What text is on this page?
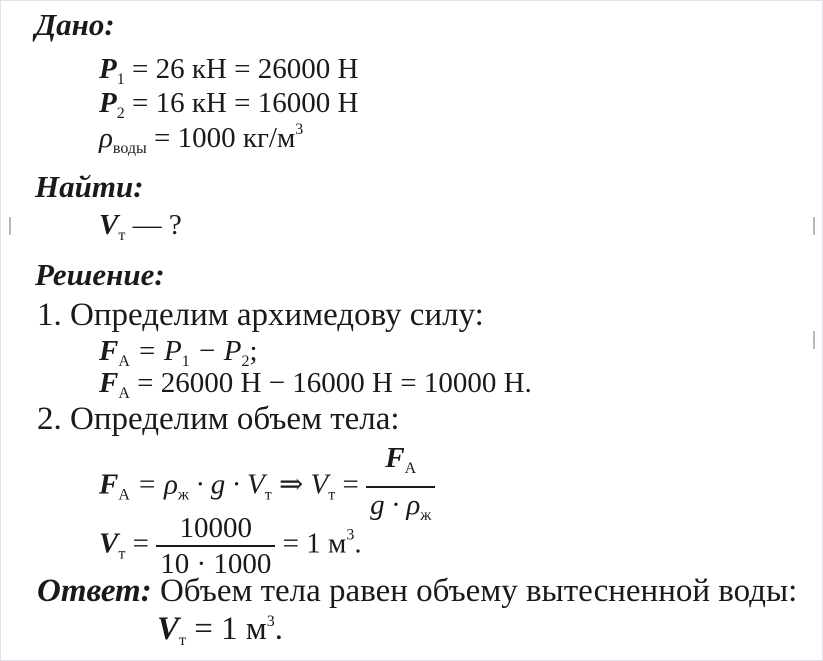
Дано:
$P_1 = 26$ кН = 26000 Н
$P_2 = 16$ кН = 16000 Н
$\rho_{воды} = 1000$ $кг/м^3$
Найти:
$V_т$ — ?
Решение:
1. Определим архимедову силу:
$F_A = P_1 - P_2$;
$F_A = 26000$ Н − 16000 Н = 10000 Н.
2. Определим объем тела:
$F_A = \rho_ж \cdot g \cdot V_т$ ⇒ $V_т = \frac{F_A}{g \cdot \rho_ж}$
$V_т = \frac{10000}{10 \cdot 1000} = 1$ $м^3$.
Ответ: Объем тела равен объему вытесненной воды:
$V_т = 1$ $м^3$.
